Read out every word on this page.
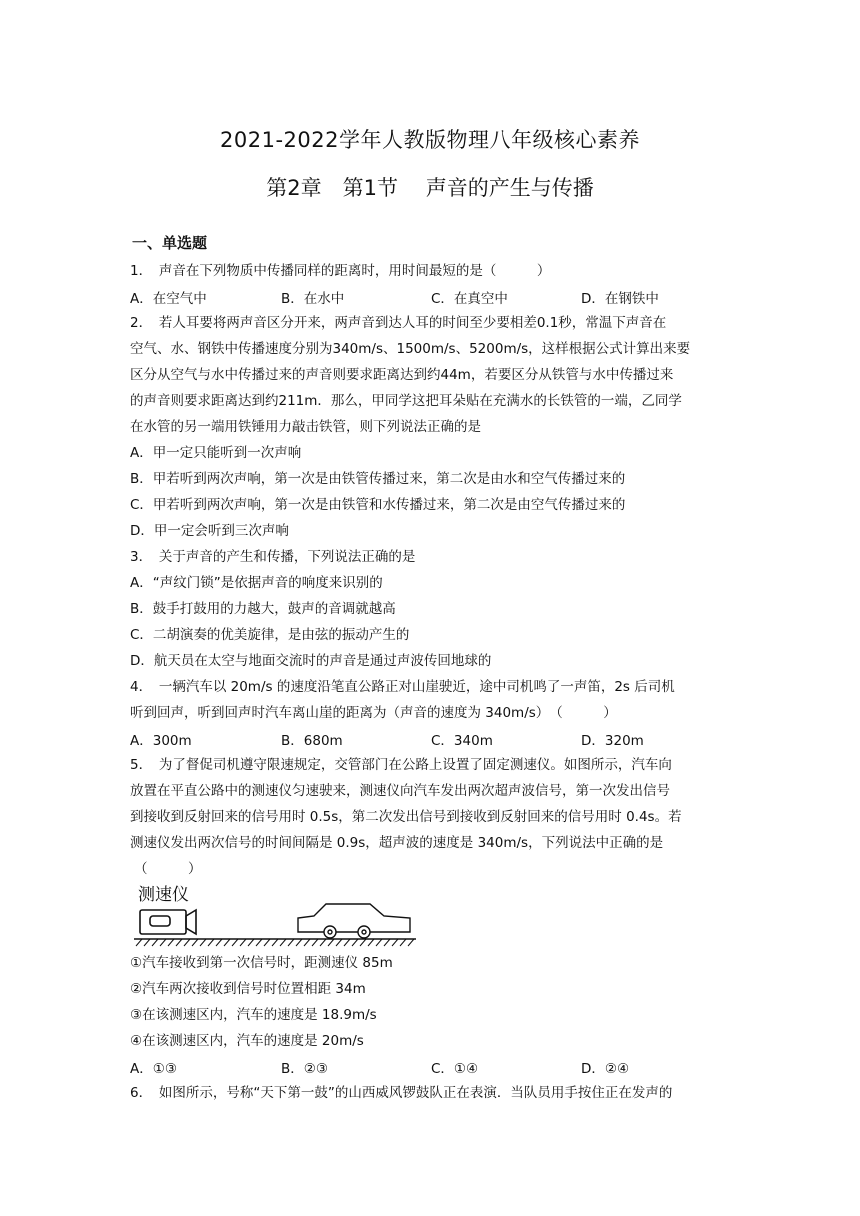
2021-2022学年人教版物理八年级核心素养
第2章　第1节　 声音的产生与传播
一、单选题
1．　声音在下列物质中传播同样的距离时，用时间最短的是（　　　）
A．在空气中	B．在水中	C．在真空中	D．在钢铁中
2．　若人耳要将两声音区分开来，两声音到达人耳的时间至少要相差0.1秒，常温下声音在
空气、水、钢铁中传播速度分别为340m/s、1500m/s、5200m/s，这样根据公式计算出来要
区分从空气与水中传播过来的声音则要求距离达到约44m，若要区分从铁管与水中传播过来
的声音则要求距离达到约211m．那么，甲同学这把耳朵贴在充满水的长铁管的一端，乙同学
在水管的另一端用铁锤用力敲击铁管，则下列说法正确的是
A．甲一定只能听到一次声响
B．甲若听到两次声响，第一次是由铁管传播过来，第二次是由水和空气传播过来的
C．甲若听到两次声响，第一次是由铁管和水传播过来，第二次是由空气传播过来的
D．甲一定会听到三次声响
3．　关于声音的产生和传播，下列说法正确的是
A．“声纹门锁”是依据声音的响度来识别的
B．鼓手打鼓用的力越大，鼓声的音调就越高
C．二胡演奏的优美旋律，是由弦的振动产生的
D．航天员在太空与地面交流时的声音是通过声波传回地球的
4．　一辆汽车以 20m/s 的速度沿笔直公路正对山崖驶近，途中司机鸣了一声笛，2s 后司机
听到回声，听到回声时汽车离山崖的距离为（声音的速度为 340m/s）　（　　　）
A．300m	B．680m	C．340m	D．320m
5．　为了督促司机遵守限速规定，交管部门在公路上设置了固定测速仪。如图所示，汽车向
放置在平直公路中的测速仪匀速驶来，测速仪向汽车发出两次超声波信号，第一次发出信号
到接收到反射回来的信号用时 0.5s，第二次发出信号到接收到反射回来的信号用时 0.4s。若
测速仪发出两次信号的时间间隔是 0.9s，超声波的速度是 340m/s，下列说法中正确的是
（　　　）
测速仪
①汽车接收到第一次信号时，距测速仪 85m
②汽车两次接收到信号时位置相距 34m
③在该测速区内，汽车的速度是 18.9m/s
④在该测速区内，汽车的速度是 20m/s
A．①③	B．②③	C．①④	D．②④
6．　如图所示，号称“天下第一鼓”的山西威风锣鼓队正在表演．当队员用手按住正在发声的
